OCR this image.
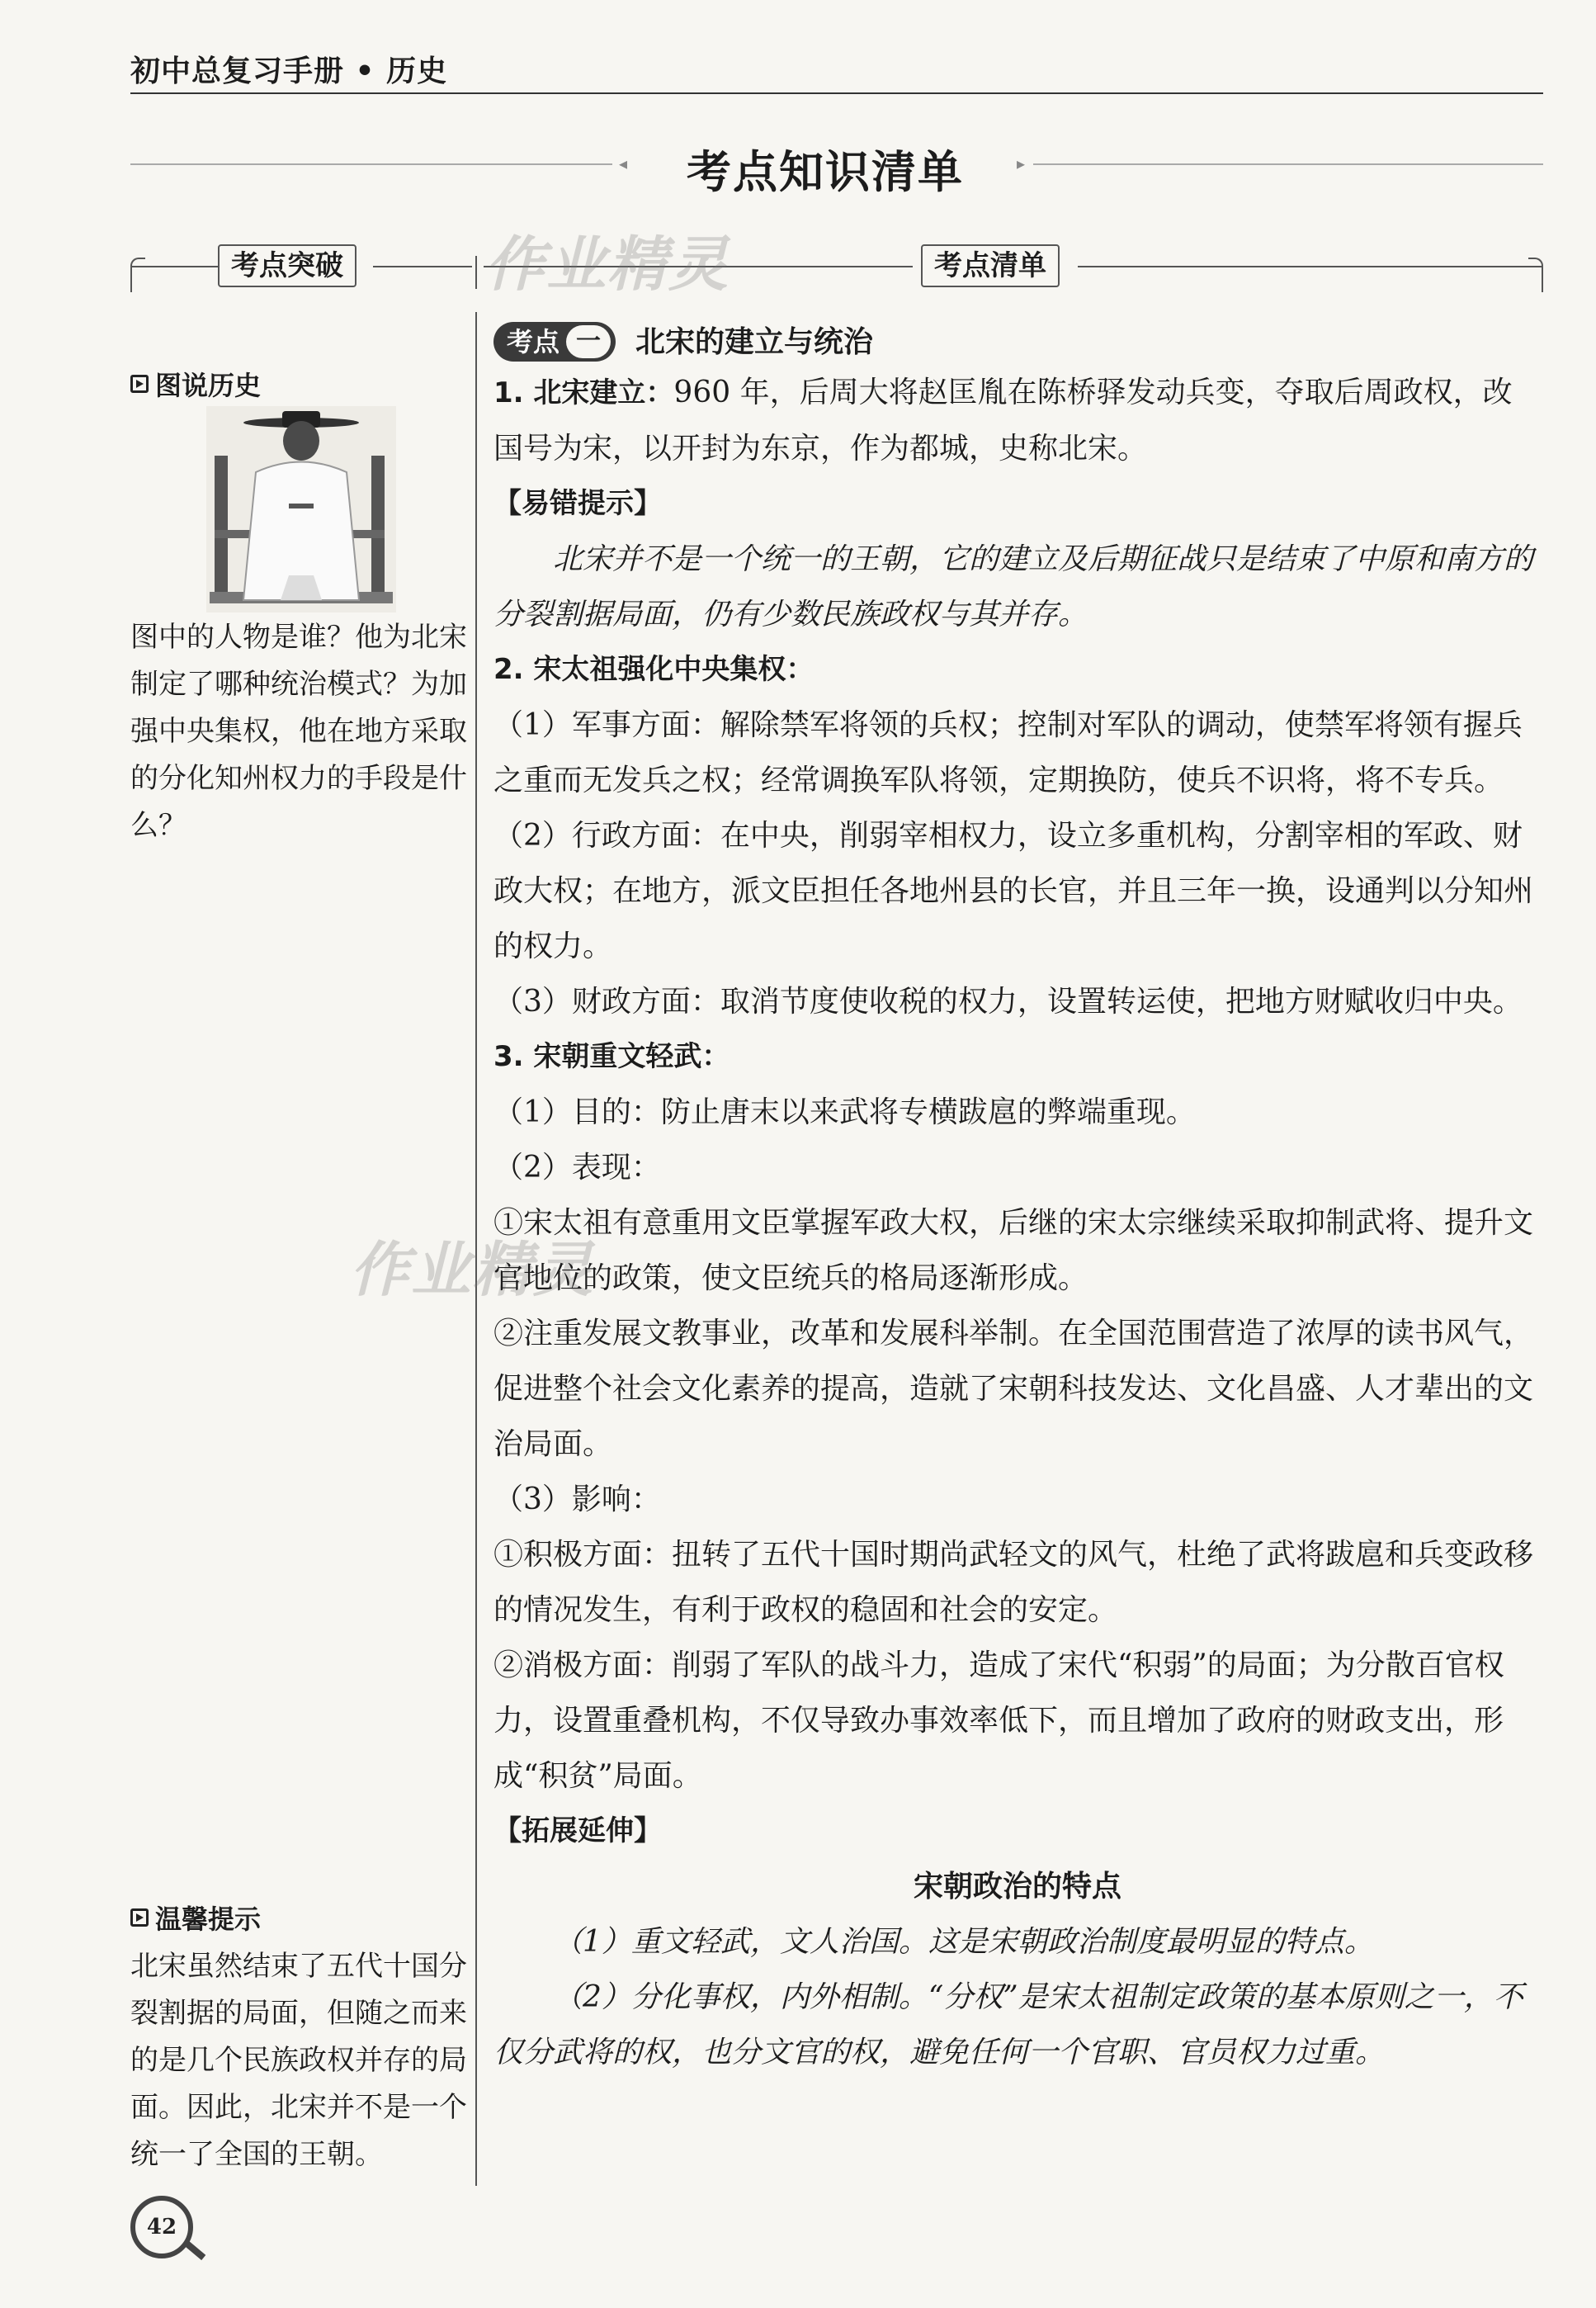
初中总复习手册 • 历史
◂ 考点知识清单	▸
考点突破	考点清单
作业精灵
作业精灵
图说历史
图中的人物是谁？他为北宋制定了哪种统治模式？为加强中央集权，他在地方采取的分化知州权力的手段是什么？
温馨提示
北宋虽然结束了五代十国分裂割据的局面，但随之而来的是几个民族政权并存的局面。因此，北宋并不是一个统一了全国的王朝。
考点 一	北宋的建立与统治

1. 北宋建立：960 年，后周大将赵匡胤在陈桥驿发动兵变，夺取后周政权，改国号为宋，以开封为东京，作为都城，史称北宋。

【易错提示】

北宋并不是一个统一的王朝，它的建立及后期征战只是结束了中原和南方的分裂割据局面，仍有少数民族政权与其并存。

2. 宋太祖强化中央集权：

（1）军事方面：解除禁军将领的兵权；控制对军队的调动，使禁军将领有握兵之重而无发兵之权；经常调换军队将领，定期换防，使兵不识将，将不专兵。

（2）行政方面：在中央，削弱宰相权力，设立多重机构，分割宰相的军政、财政大权；在地方，派文臣担任各地州县的长官，并且三年一换，设通判以分知州的权力。

（3）财政方面：取消节度使收税的权力，设置转运使，把地方财赋收归中央。

3. 宋朝重文轻武：

（1）目的：防止唐末以来武将专横跋扈的弊端重现。

（2）表现：

①宋太祖有意重用文臣掌握军政大权，后继的宋太宗继续采取抑制武将、提升文官地位的政策，使文臣统兵的格局逐渐形成。

②注重发展文教事业，改革和发展科举制。在全国范围营造了浓厚的读书风气，促进整个社会文化素养的提高，造就了宋朝科技发达、文化昌盛、人才辈出的文治局面。

（3）影响：

①积极方面：扭转了五代十国时期尚武轻文的风气，杜绝了武将跋扈和兵变政移的情况发生，有利于政权的稳固和社会的安定。

②消极方面：削弱了军队的战斗力，造成了宋代“积弱”的局面；为分散百官权力，设置重叠机构，不仅导致办事效率低下，而且增加了政府的财政支出，形成“积贫”局面。

【拓展延伸】

宋朝政治的特点

（1）重文轻武，文人治国。这是宋朝政治制度最明显的特点。

（2）分化事权，内外相制。“分权”是宋太祖制定政策的基本原则之一，不仅分武将的权，也分文官的权，避免任何一个官职、官员权力过重。

42
